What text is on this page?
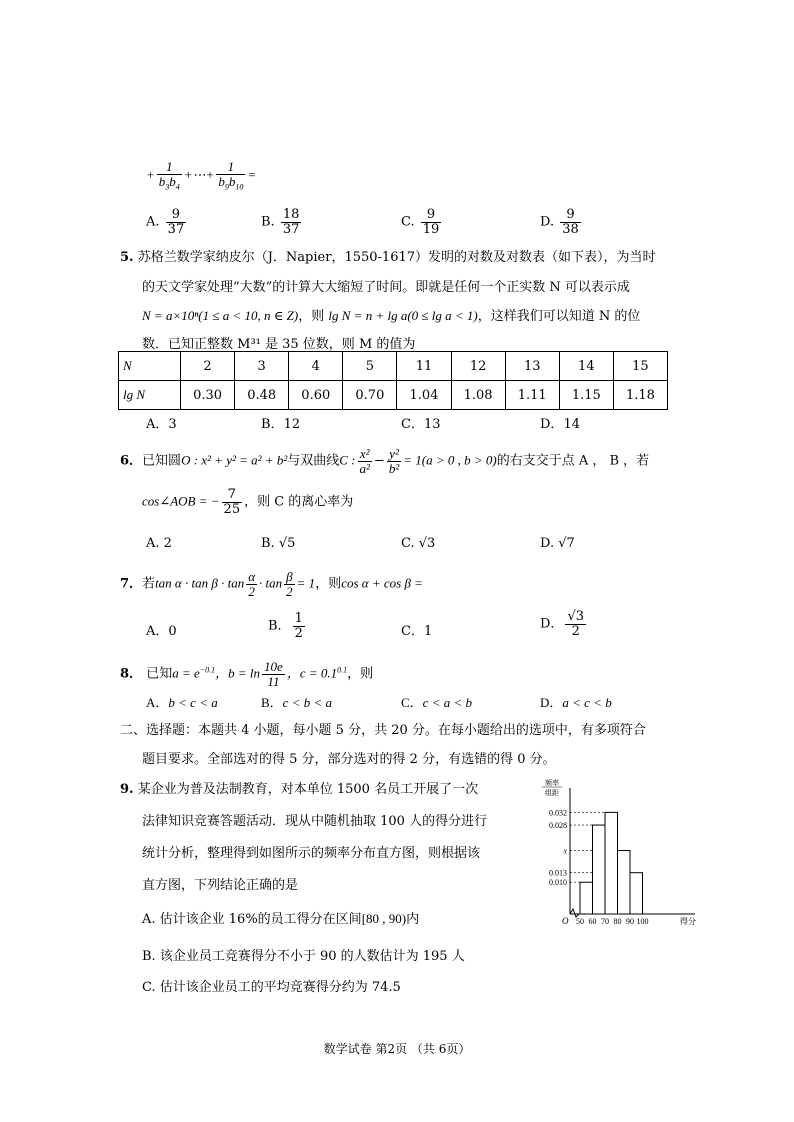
+ $\frac{1}{b_3b_4}$ +⋯+ $\frac{1}{b_9b_{10}}$ =
A. $\frac{9}{37}$	B. $\frac{18}{37}$	C. $\frac{9}{19}$	D. $\frac{9}{38}$
5. 苏格兰数学家纳皮尔（J．Napier，1550-1617）发明的对数及对数表（如下表），为当时
的天文学家处理“大数”的计算大大缩短了时间。即就是任何一个正实数 N 可以表示成
N = a×10ⁿ(1 ≤ a < 10, n ∈ Z)，则 lg N = n + lg a(0 ≤ lg a < 1)，这样我们可以知道 N 的位
数．已知正整数 M³¹ 是 35 位数，则 M 的值为
N	2	3	4	5	11	12	13	14	15
lg N	0.30	0.48	0.60	0.70	1.04	1.08	1.11	1.15	1.18
A．3	B．12	C．13	D．14
6．已知圆O : x² + y² = a² + b²与双曲线C : $\frac{\text{x²}}{\text{a²}} - \frac{\text{y²}}{\text{b²}} = 1(a > 0$ , b > 0)的右支交于点 A ， B ，若
cos∠AOB = − $\frac{7}{25}$ ，则 C 的离心率为
A. 2	B. √5	C. √3	D. √7
7．若$\tan \alpha \cdot \tan \beta \cdot \tan \frac{\alpha}{2} \cdot \tan \frac{\beta}{2} = 1$，则cos α + cos β =
A．0	B． $\frac{1}{2}$	C．1	D． $\frac{√3}{2}$
8． 已知$a = e^{-0.1}$，$b = \ln \frac{10e}{11}$ ，$c = 0.1^{0.1}$，则
A．b < c < a	B．c < b < a	C．c < a < b	D．a < c < b
二、选择题：本题共 4 小题，每小题 5 分，共 20 分。在每小题给出的选项中，有多项符合
题目要求。全部选对的得 5 分，部分选对的得 2 分，有选错的得 0 分。
9. 某企业为普及法制教育，对本单位 1500 名员工开展了一次
法律知识竞赛答题活动．现从中随机抽取 100 人的得分进行
统计分析，整理得到如图所示的频率分布直方图，则根据该
直方图，下列结论正确的是
A. 估计该企业 16%的员工得分在区间[80 , 90)内
B. 该企业员工竞赛得分不小于 90 的人数估计为 195 人
C. 估计该企业员工的平均竞赛得分约为 74.5
0.032
0.028
x
0.013
0.010
50 60 70 80 90 100	得分
O
频率
组距
数学试卷 第2页 （共 6页）
